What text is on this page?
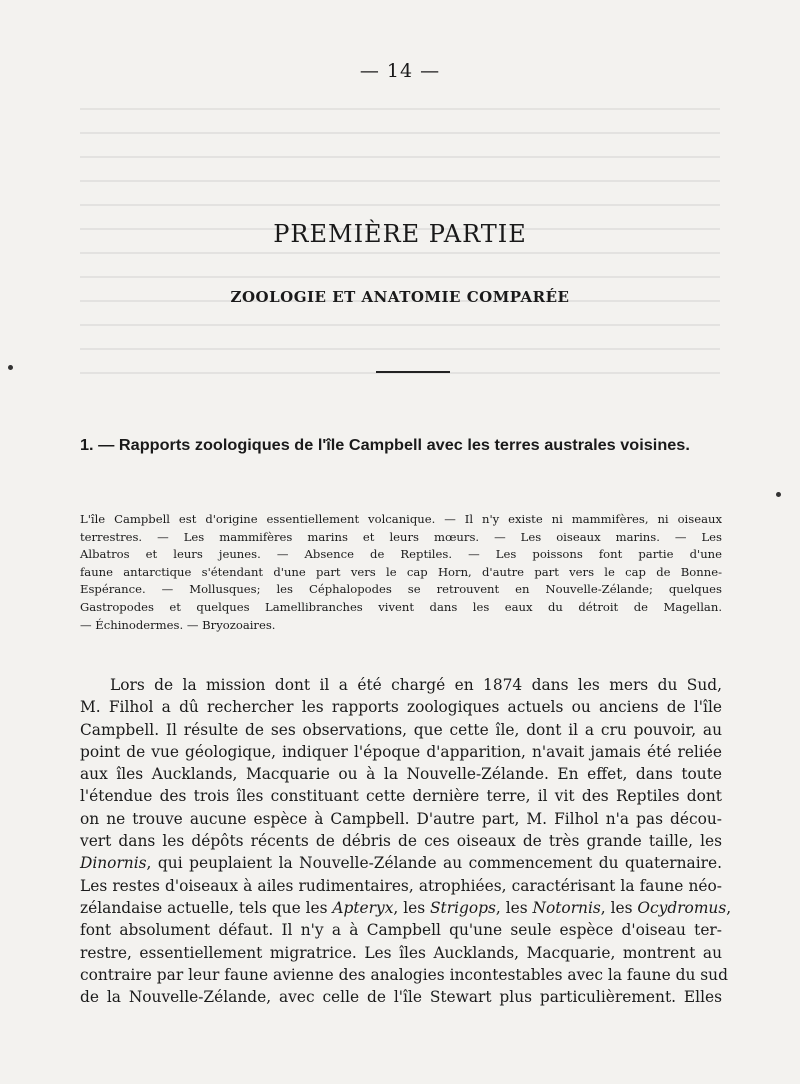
— 14 —
PREMIÈRE PARTIE
ZOOLOGIE ET ANATOMIE COMPARÉE
1. — Rapports zoologiques de l'île Campbell avec les terres australes voisines.
L'île Campbell est d'origine essentiellement volcanique. — Il n'y existe ni mammifères, ni oiseaux
terrestres. — Les mammifères marins et leurs mœurs. — Les oiseaux marins. — Les
Albatros et leurs jeunes. — Absence de Reptiles. — Les poissons font partie d'une
faune antarctique s'étendant d'une part vers le cap Horn, d'autre part vers le cap de Bonne-
Espérance. — Mollusques; les Céphalopodes se retrouvent en Nouvelle-Zélande; quelques
Gastropodes et quelques Lamellibranches vivent dans les eaux du détroit de Magellan.
— Échinodermes. — Bryozoaires.
Lors de la mission dont il a été chargé en 1874 dans les mers du Sud,
M. Filhol a dû rechercher les rapports zoologiques actuels ou anciens de l'île
Campbell. Il résulte de ses observations, que cette île, dont il a cru pouvoir, au
point de vue géologique, indiquer l'époque d'apparition, n'avait jamais été reliée
aux îles Aucklands, Macquarie ou à la Nouvelle-Zélande. En effet, dans toute
l'étendue des trois îles constituant cette dernière terre, il vit des Reptiles dont
on ne trouve aucune espèce à Campbell. D'autre part, M. Filhol n'a pas décou-
vert dans les dépôts récents de débris de ces oiseaux de très grande taille, les
Dinornis, qui peuplaient la Nouvelle-Zélande au commencement du quaternaire.
Les restes d'oiseaux à ailes rudimentaires, atrophiées, caractérisant la faune néo-
zélandaise actuelle, tels que les Apteryx, les Strigops, les Notornis, les Ocydromus,
font absolument défaut. Il n'y a à Campbell qu'une seule espèce d'oiseau ter-
restre, essentiellement migratrice. Les îles Aucklands, Macquarie, montrent au
contraire par leur faune avienne des analogies incontestables avec la faune du sud
de la Nouvelle-Zélande, avec celle de l'île Stewart plus particulièrement. Elles
